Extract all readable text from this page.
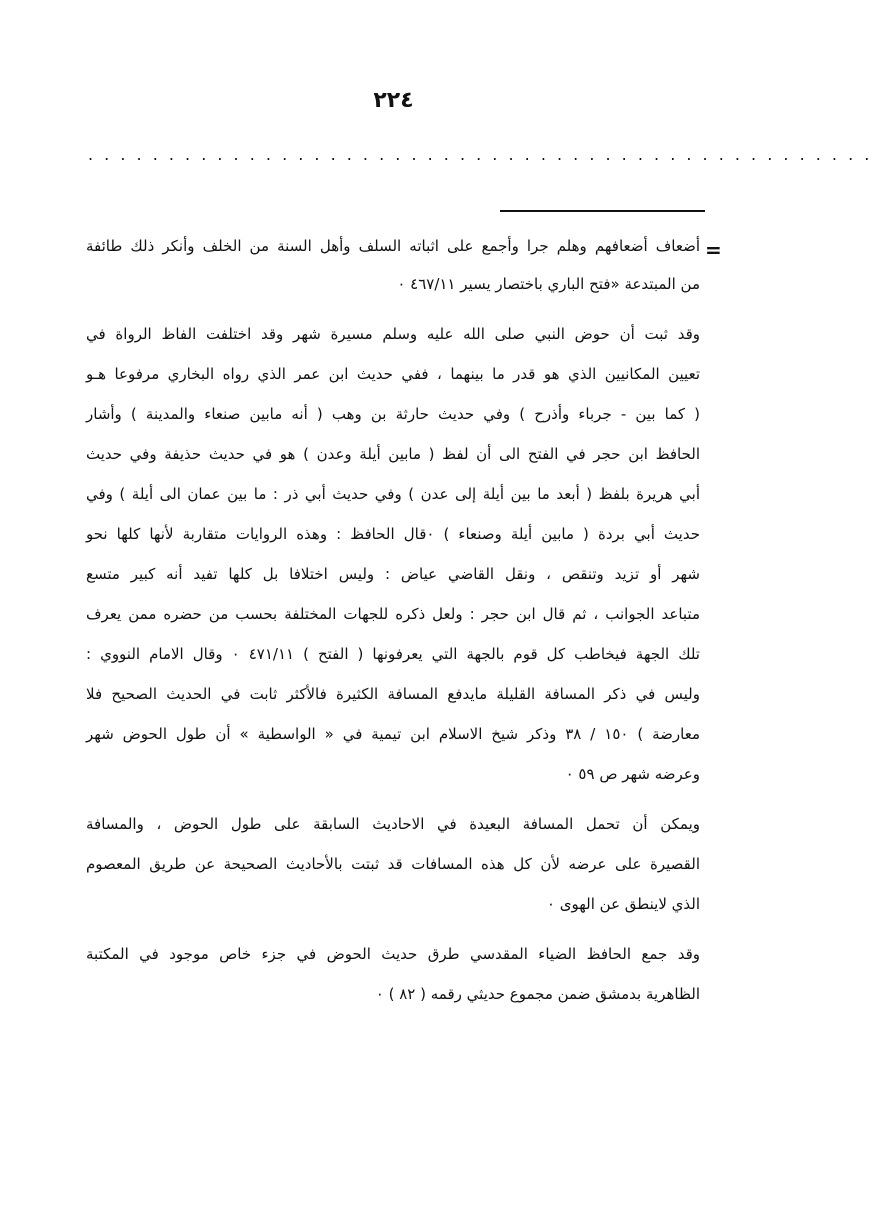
٢٢٤
. . . . . . . . . . . . . . . . . . . . . . . . . . . . . . . . . . . . . . . . . . . . . . . . .
=
أضعاف أضعافهم وهلم جرا وأجمع على اثباته السلف وأهل السنة من الخلف وأنكر ذلك طائفة
من المبتدعة «فتح الباري باختصار يسير ٤٦٧/١١ ٠
وقد ثبت أن حوض النبي صلى الله عليه وسلم مسيرة شهر وقد اختلفت الفاظ الرواة في
تعيين المكانيين الذي هو قدر ما بينهما ، ففي حديث ابن عمر الذي رواه البخاري مرفوعا هـو
( كما بين - جرباء وأذرح ) وفي حديث حارثة بن وهب ( أنه مابين صنعاء والمدينة ) وأشار
الحافظ ابن حجر في الفتح الى أن لفظ ( مابين أيلة وعدن ) هو في حديث حذيفة وفي حديث
أبي هريرة بلفظ ( أبعد ما بين أيلة إلى عدن ) وفي حديث أبي ذر : ما بين عمان الى أيلة ) وفي
حديث أبي بردة ( مابين أيلة وصنعاء ) ٠قال الحافظ : وهذه الروايات متقاربة لأنها كلها نحو
شهر أو تزيد وتنقص ، ونقل القاضي عياض : وليس اختلافا بل كلها تفيد أنه كبير متسع
متباعد الجوانب ، ثم قال ابن حجر : ولعل ذكره للجهات المختلفة بحسب من حضره ممن يعرف
تلك الجهة فيخاطب كل قوم بالجهة التي يعرفونها ( الفتح ) ٤٧١/١١ ٠ وقال الامام النووي :
وليس في ذكر المسافة القليلة مايدفع المسافة الكثيرة فالأكثر ثابت في الحديث الصحيح فلا
معارضة ) ١٥٠ / ٣٨ وذكر شيخ الاسلام ابن تيمية في « الواسطية » أن طول الحوض شهر
وعرضه شهر ص ٥٩ ٠
ويمكن أن تحمل المسافة البعيدة في الاحاديث السابقة على طول الحوض ، والمسافة
القصيرة على عرضه لأن كل هذه المسافات قد ثبتت بالأحاديث الصحيحة عن طريق المعصوم
الذي لاينطق عن الهوى ٠
وقد جمع الحافظ الضياء المقدسي طرق حديث الحوض في جزء خاص موجود في المكتبة
الظاهرية بدمشق ضمن مجموع حديثي رقمه ( ٨٢ ) ٠
